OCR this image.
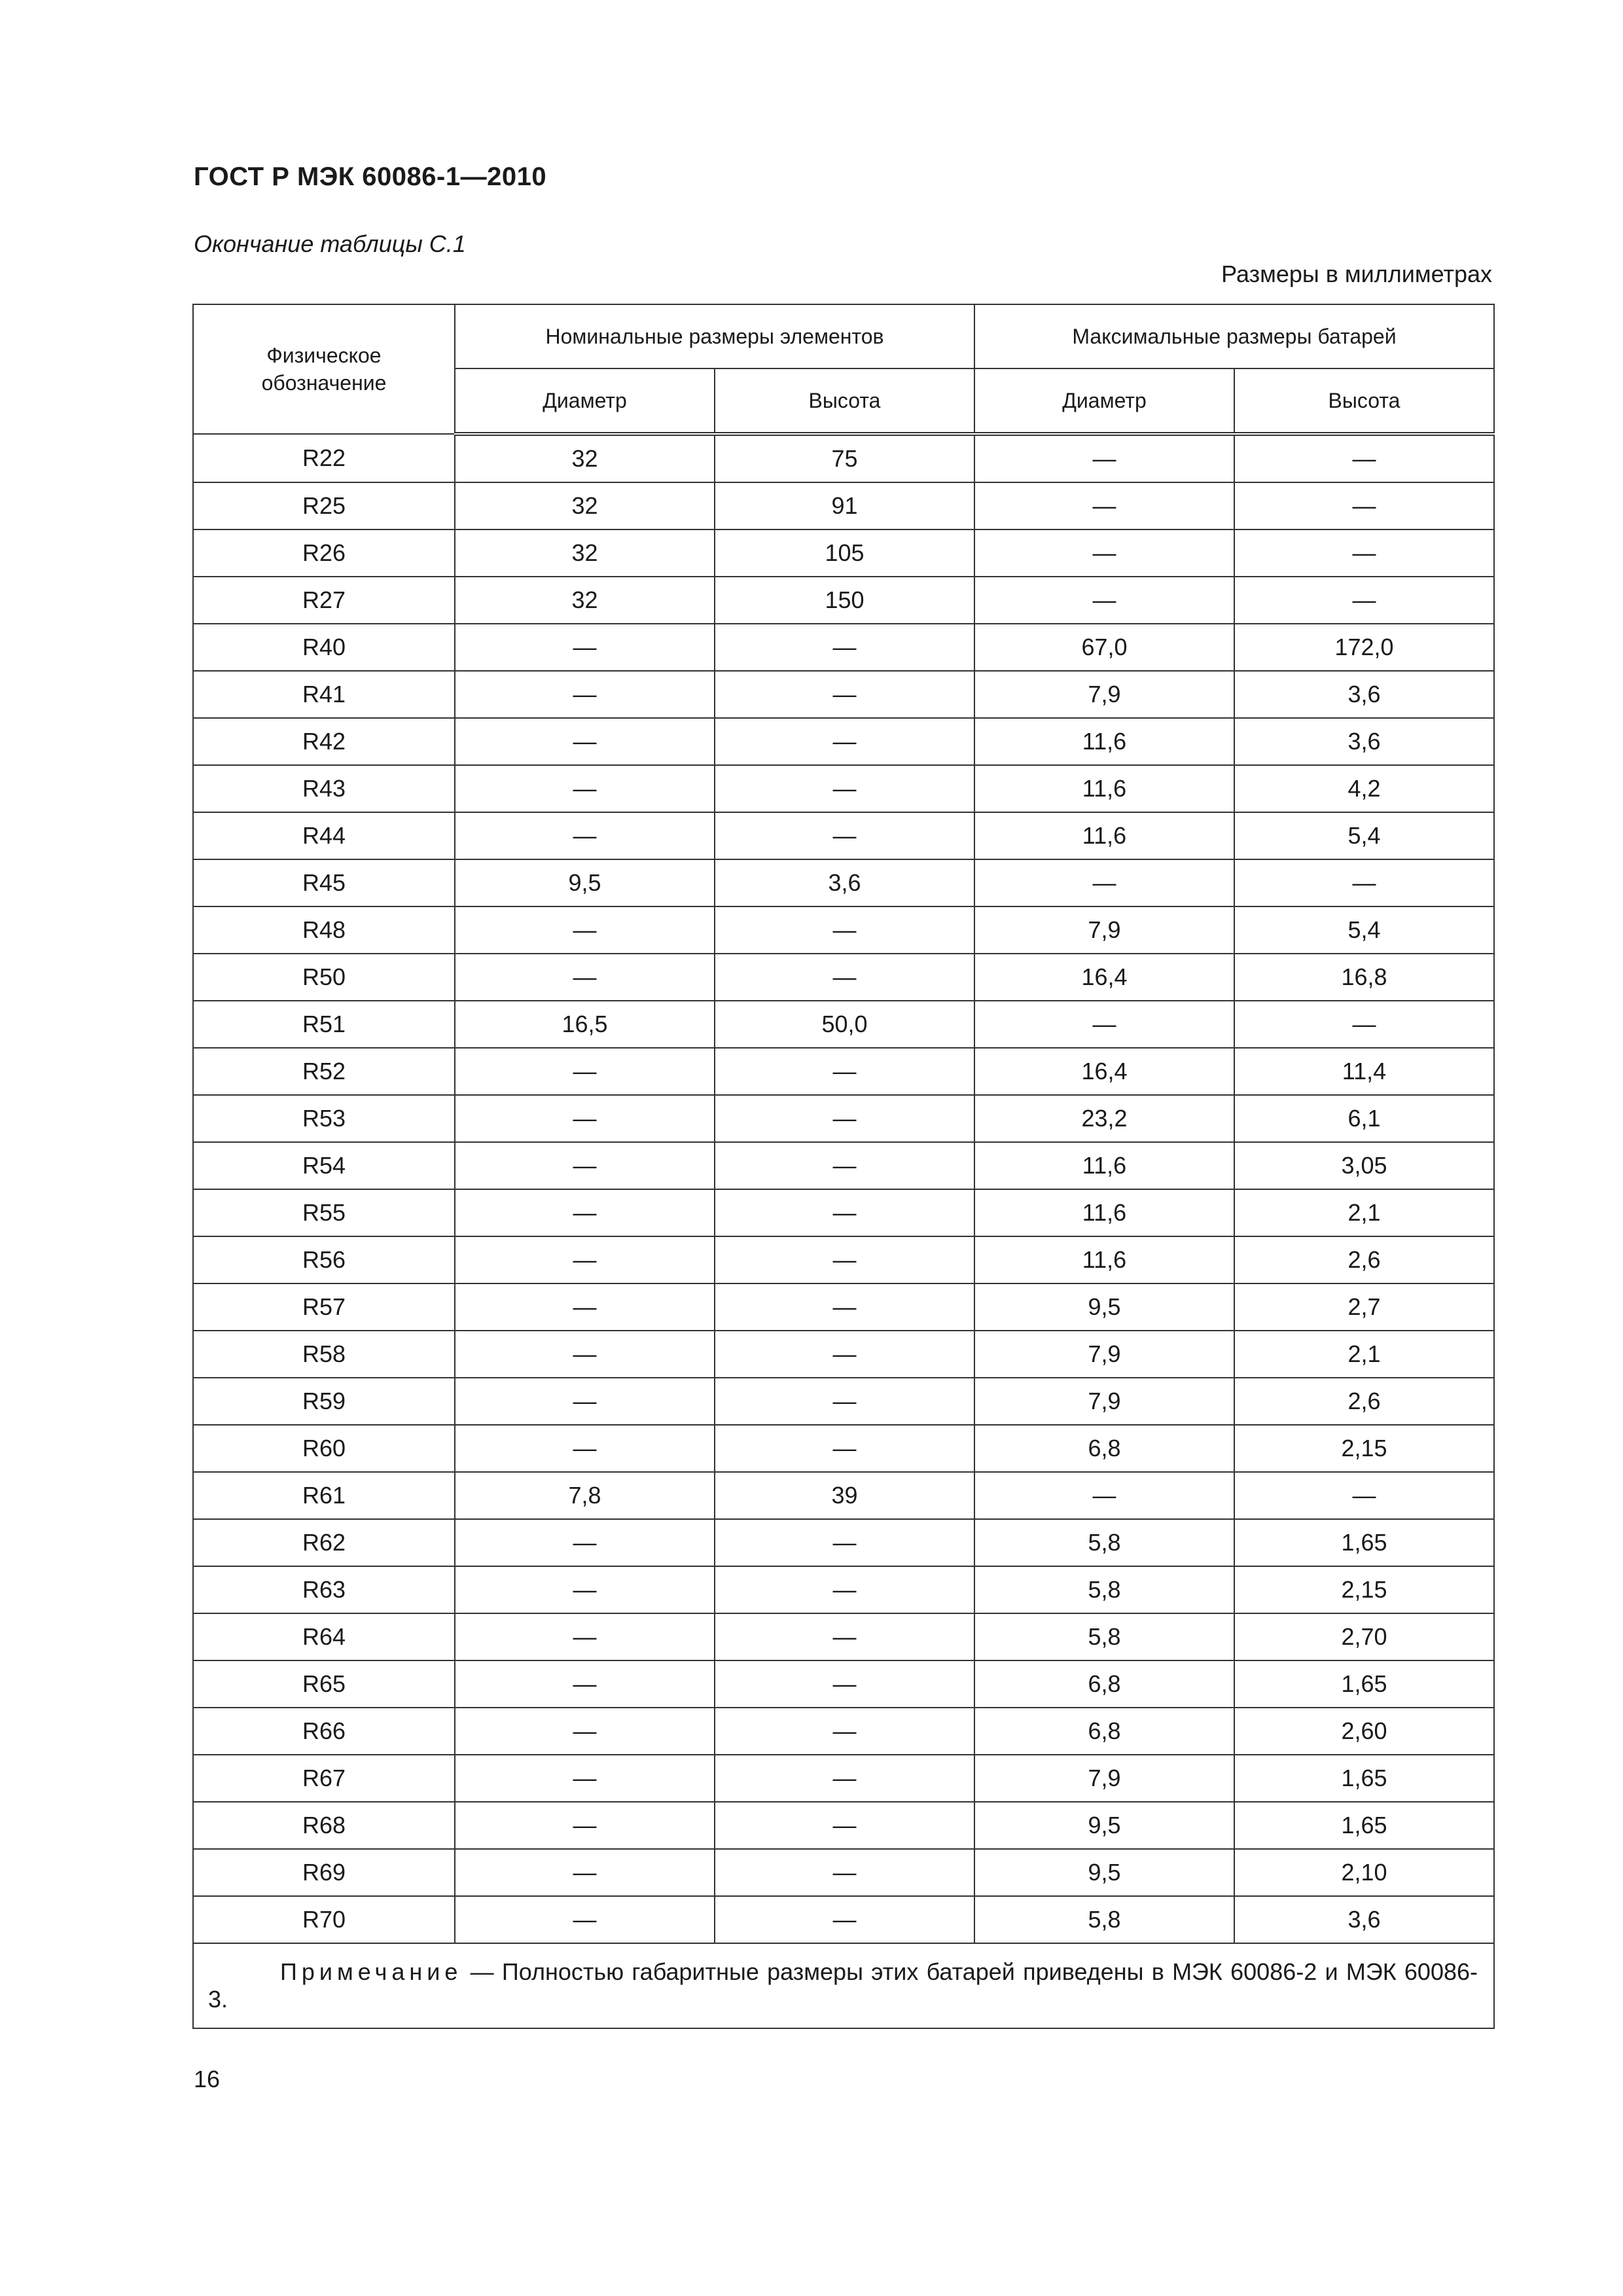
ГОСТ Р МЭК 60086-1—2010
Окончание таблицы С.1
Размеры в миллиметрах
Физическое обозначение	Номинальные размеры элементов		Максимальные размеры батарей	
	Диаметр	Высота	Диаметр	Высота
R22	32	75	—	—
R25	32	91	—	—
R26	32	105	—	—
R27	32	150	—	—
R40	—	—	67,0	172,0
R41	—	—	7,9	3,6
R42	—	—	11,6	3,6
R43	—	—	11,6	4,2
R44	—	—	11,6	5,4
R45	9,5	3,6	—	—
R48	—	—	7,9	5,4
R50	—	—	16,4	16,8
R51	16,5	50,0	—	—
R52	—	—	16,4	11,4
R53	—	—	23,2	6,1
R54	—	—	11,6	3,05
R55	—	—	11,6	2,1
R56	—	—	11,6	2,6
R57	—	—	9,5	2,7
R58	—	—	7,9	2,1
R59	—	—	7,9	2,6
R60	—	—	6,8	2,15
R61	7,8	39	—	—
R62	—	—	5,8	1,65
R63	—	—	5,8	2,15
R64	—	—	5,8	2,70
R65	—	—	6,8	1,65
R66	—	—	6,8	2,60
R67	—	—	7,9	1,65
R68	—	—	9,5	1,65
R69	—	—	9,5	2,10
R70	—	—	5,8	3,6
Примечание — Полностью габаритные размеры этих батарей приведены в МЭК 60086-2 и МЭК 60086-3.				
16
